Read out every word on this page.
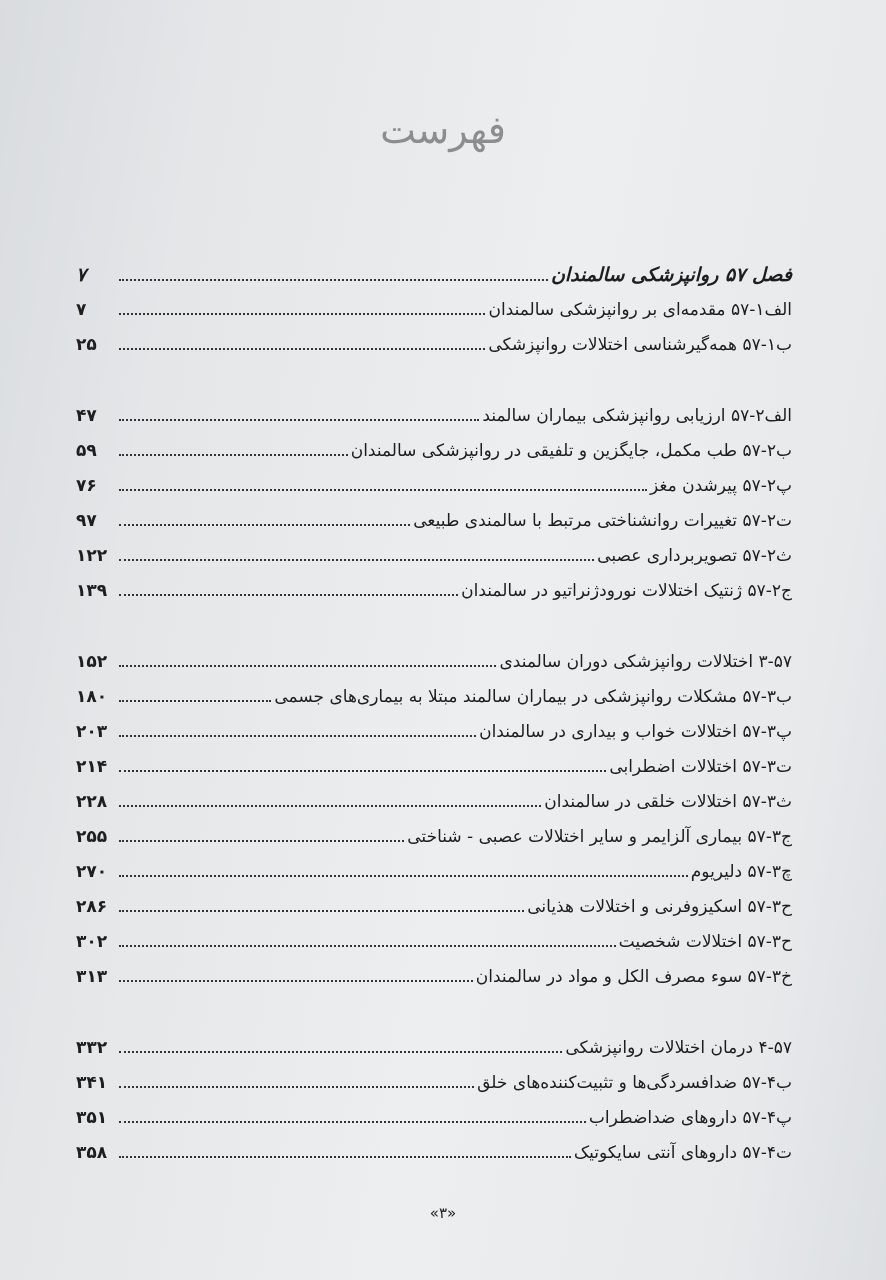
فهرست
فصل ۵۷ روانپزشکی سالمندان
۷
الف۱-۵۷ مقدمه‌ای بر روانپزشکی سالمندان
۷
ب۱-۵۷ همه‌گیرشناسی اختلالات روانپزشکی
۲۵
الف۲-۵۷ ارزیابی روانپزشکی بیماران سالمند
۴۷
ب۲-۵۷ طب مکمل، جایگزین و تلفیقی در روانپزشکی سالمندان
۵۹
پ۲-۵۷ پیرشدن مغز
۷۶
ت۲-۵۷ تغییرات روانشناختی مرتبط با سالمندی طبیعی
۹۷
ث۲-۵۷ تصویربرداری عصبی
۱۲۲
ج۲-۵۷ ژنتیک اختلالات نورودژنراتیو در سالمندان
۱۳۹
۳-۵۷ اختلالات روانپزشکی دوران سالمندی
۱۵۲
ب۳-۵۷ مشکلات روانپزشکی در بیماران سالمند مبتلا به بیماری‌های جسمی
۱۸۰
پ۳-۵۷ اختلالات خواب و بیداری در سالمندان
۲۰۳
ت۳-۵۷ اختلالات اضطرابی
۲۱۴
ث۳-۵۷ اختلالات خلقی در سالمندان
۲۲۸
ج۳-۵۷ بیماری آلزایمر و سایر اختلالات عصبی - شناختی
۲۵۵
چ۳-۵۷ دلیریوم
۲۷۰
ح۳-۵۷ اسکیزوفرنی و اختلالات هذیانی
۲۸۶
ح۳-۵۷ اختلالات شخصیت
۳۰۲
خ۳-۵۷ سوء مصرف الکل و مواد در سالمندان
۳۱۳
۴-۵۷ درمان اختلالات روانپزشکی
۳۳۲
ب۴-۵۷ ضدافسردگی‌ها و تثبیت‌کننده‌های خلق
۳۴۱
پ۴-۵۷ داروهای ضداضطراب
۳۵۱
ت۴-۵۷ داروهای آنتی سایکوتیک
۳۵۸
«۳»
